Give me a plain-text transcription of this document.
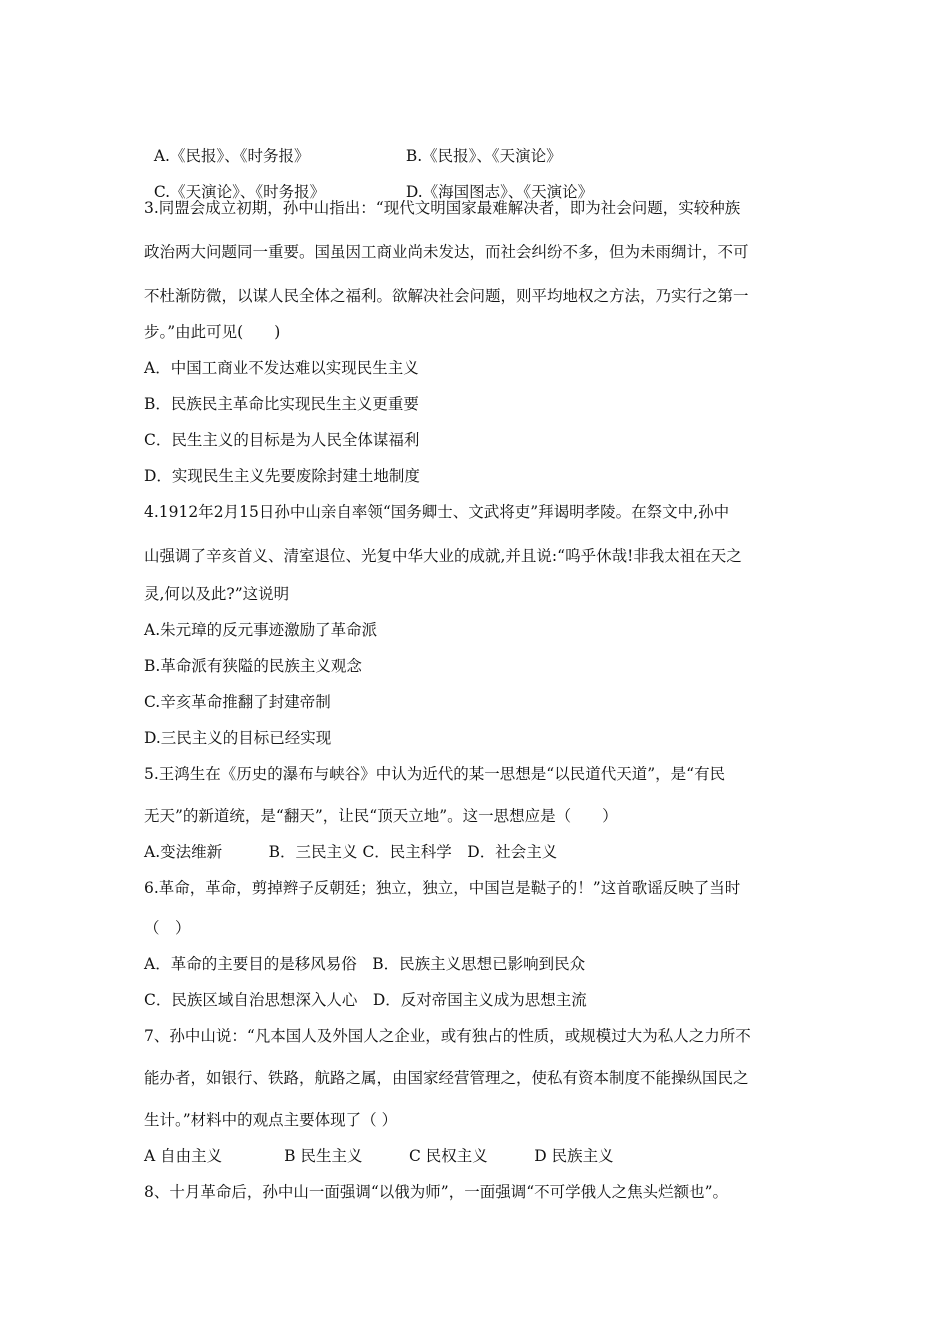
A.《民报》、《时务报》	B.《民报》、《天演论》

C.《天演论》、《时务报》	D.《海国图志》、《天演论》

3.同盟会成立初期，孙中山指出：“现代文明国家最难解决者，即为社会问题，实较种族
政治两大问题同一重要。国虽因工商业尚未发达，而社会纠纷不多，但为未雨绸计，不可
不杜渐防微，以谋人民全体之福利。欲解决社会问题，则平均地权之方法，乃实行之第一
步。”由此可见(　　)
A．中国工商业不发达难以实现民生主义
B．民族民主革命比实现民生主义更重要
C．民生主义的目标是为人民全体谋福利
D．实现民生主义先要废除封建土地制度
4.1912年2月15日孙中山亲自率领“国务卿士、文武将吏”拜谒明孝陵。在祭文中,孙中
山强调了辛亥首义、清室退位、光复中华大业的成就,并且说:“呜乎休哉!非我太祖在天之
灵,何以及此?”这说明
A.朱元璋的反元事迹激励了革命派
B.革命派有狭隘的民族主义观念
C.辛亥革命推翻了封建帝制
D.三民主义的目标已经实现
5.王鸿生在《历史的瀑布与峡谷》中认为近代的某一思想是“以民道代天道”，是“有民
无天”的新道统，是“翻天”，让民“顶天立地”。这一思想应是（　　）
A.变法维新　　　B．三民主义 C．民主科学　D．社会主义
6.革命，革命，剪掉辫子反朝廷；独立，独立，中国岂是鞑子的！”这首歌谣反映了当时
（　）
A．革命的主要目的是移风易俗　B．民族主义思想已影响到民众
C．民族区域自治思想深入人心　D．反对帝国主义成为思想主流
7、孙中山说：“凡本国人及外国人之企业，或有独占的性质，或规模过大为私人之力所不
能办者，如银行、铁路，航路之属，由国家经营管理之，使私有资本制度不能操纵国民之
生计。”材料中的观点主要体现了（ ）
A 自由主义　　　　B 民生主义　　　C 民权主义　　　D 民族主义
8、十月革命后，孙中山一面强调“以俄为师”，一面强调“不可学俄人之焦头烂额也”。
